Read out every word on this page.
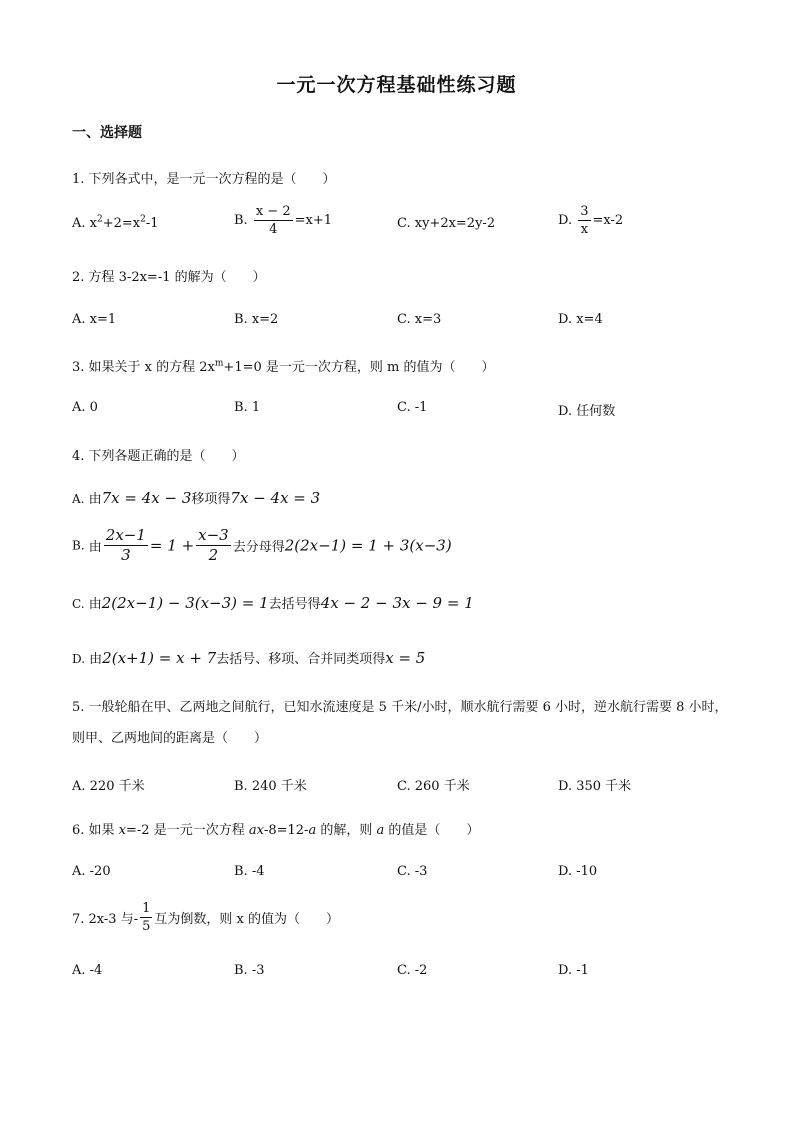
一元一次方程基础性练习题
一、选择题
1. 下列各式中，是一元一次方程的是（　　）
A. $x^2+2=x^2-1$	B. $\frac{x - 2}{4} =x+1$	C. xy+2x=2y-2	D. $\frac{3}{x} =x-2$
2. 方程 3-2x=-1 的解为（　　）
A. x=1	B. x=2	C. x=3	D. x=4
3. 如果关于 x 的方程 $2x^m+1=0$ 是一元一次方程，则 m 的值为（　　）
A. 0	B. 1	C. -1	D. 任何数
4. 下列各题正确的是（　　）
A. 由7x = 4x − 3移项得7x − 4x = 3
B. 由 $\frac{2x-1}{3} = 1 + \frac{x-3}{2}$ 去分母得2(2x−1) = 1 + 3(x−3)
C. 由2(2x−1) − 3(x−3) = 1去括号得4x − 2 − 3x − 9 = 1
D. 由2(x+1) = x + 7去括号、移项、合并同类项得x = 5
5. 一般轮船在甲、乙两地之间航行，已知水流速度是 5 千米/小时，顺水航行需要 6 小时，逆水航行需要 8 小时，则甲、乙两地间的距离是（　　）
A. 220 千米	B. 240 千米	C. 260 千米	D. 350 千米
6. 如果 x=-2 是一元一次方程 ax-8=12-a 的解，则 a 的值是（　　）
A. -20	B. -4	C. -3	D. -10
7. 2x-3 与- $\frac{1}{5}$ 互为倒数，则 x 的值为（　　）
A. -4	B. -3	C. -2	D. -1
